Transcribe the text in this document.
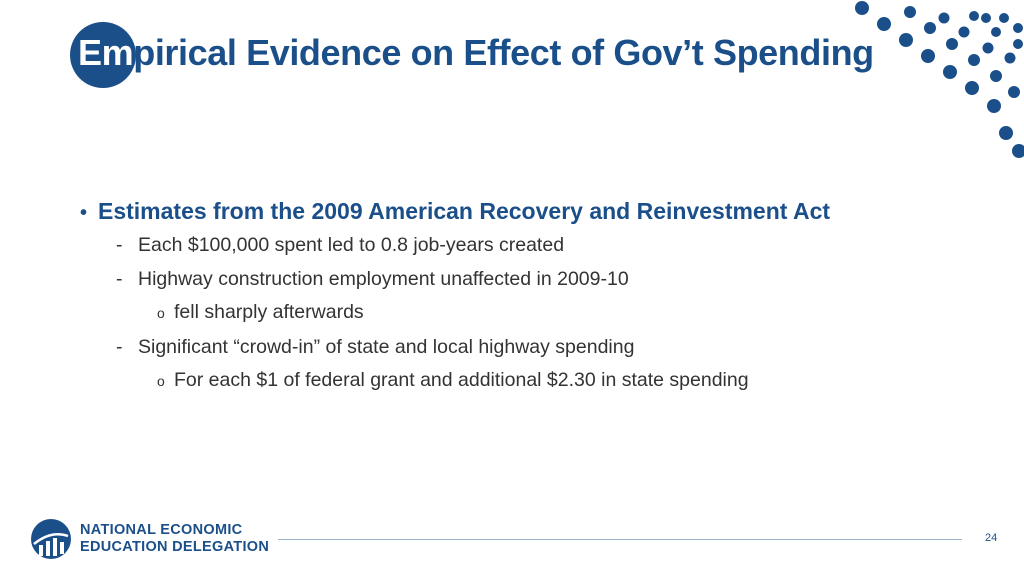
Empirical Evidence on Effect of Gov’t Spending
• Estimates from the 2009 American Recovery and Reinvestment Act
- Each $100,000 spent led to 0.8 job-years created
- Highway construction employment unaffected in 2009-10
o fell sharply afterwards
- Significant “crowd-in” of state and local highway spending
o For each $1 of federal grant and additional $2.30 in state spending
NATIONAL ECONOMIC
EDUCATION DELEGATION
24
